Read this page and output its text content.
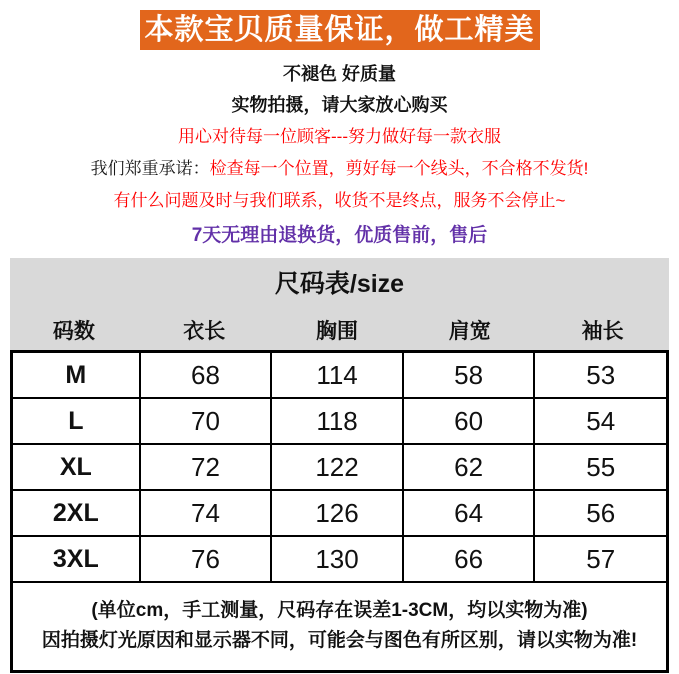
本款宝贝质量保证，做工精美
不褪色 好质量
实物拍摄，请大家放心购买
用心对待每一位顾客---努力做好每一款衣服
我们郑重承诺：检查每一个位置，剪好每一个线头，不合格不发货!
有什么问题及时与我们联系，收货不是终点，服务不会停止~
7天无理由退换货，优质售前，售后
尺码表/size
码数	衣长	胸围	肩宽	袖长
M	68	114	58	53
L	70	118	60	54
XL	72	122	62	55
2XL	74	126	64	56
3XL	76	130	66	57
(单位cm，手工测量，尺码存在误差1-3CM，均以实物为准)
因拍摄灯光原因和显示器不同，可能会与图色有所区别，请以实物为准!
